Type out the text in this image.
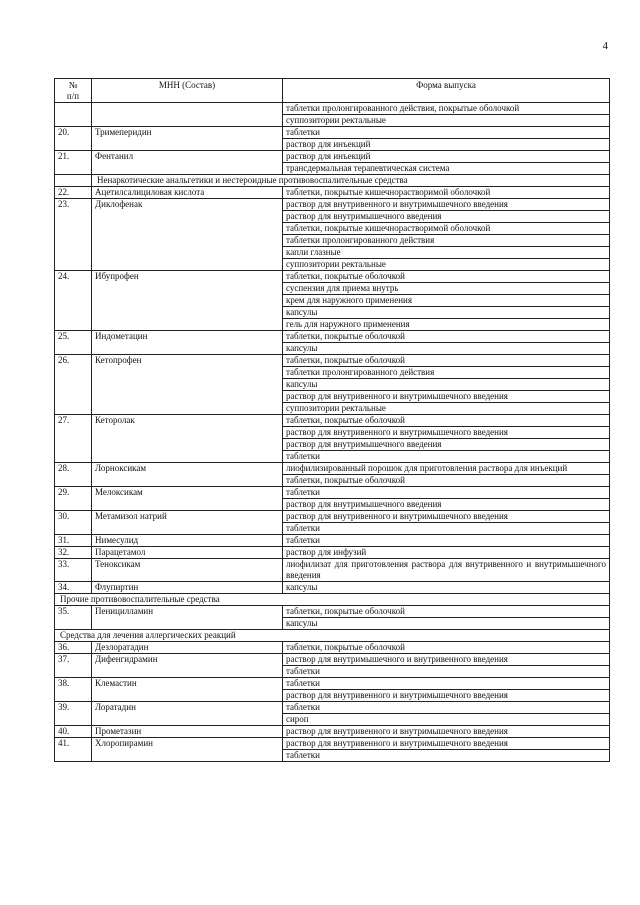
4
№
п/п	МНН (Состав)	Форма выпуска
		таблетки пролонгированного действия, покрытые оболочкой
		суппозитории ректальные
20.	Тримеперидин	таблетки
		раствор для инъекций
21.	Фентанил	раствор для инъекций
		трансдермальная терапевтическая система
	Ненаркотические анальгетики и нестероидные противовоспалительные средства	
22.	Ацетилсалициловая кислота	таблетки, покрытые кишечнорастворимой оболочкой
23.	Диклофенак	раствор для внутривенного и внутримышечного введения
		раствор для внутримышечного введения
		таблетки, покрытые кишечнорастворимой оболочкой
		таблетки пролонгированного действия
		капли глазные
		суппозитории ректальные
24.	Ибупрофен	таблетки, покрытые оболочкой
		суспензия для приема внутрь
		крем для наружного применения
		капсулы
		гель для наружного применения
25.	Индометацин	таблетки, покрытые оболочкой
		капсулы
26.	Кетопрофен	таблетки, покрытые оболочкой
		таблетки пролонгированного действия
		капсулы
		раствор для внутривенного и внутримышечного введения
		суппозитории ректальные
27.	Кеторолак	таблетки, покрытые оболочкой
		раствор для внутривенного и внутримышечного введения
		раствор для внутримышечного введения
		таблетки
28.	Лорноксикам	лиофилизированный порошок для приготовления раствора для инъекций
		таблетки, покрытые оболочкой
29.	Мелоксикам	таблетки
		раствор для внутримышечного введения
30.	Метамизол натрий	раствор для внутривенного и внутримышечного введения
		таблетки
31.	Нимесулид	таблетки
32.	Парацетамол	раствор для инфузий
33.	Теноксикам	лиофилизат для приготовления раствора для внутривенного и внутримышечного введения
34.	Флупиртин	капсулы
Прочие противовоспалительные средства		
35.	Пеницилламин	таблетки, покрытые оболочкой
		капсулы
Средства для лечения аллергических реакций		
36.	Дезлоратадин	таблетки, покрытые оболочкой
37.	Дифенгидрамин	раствор для внутримышечного и внутривенного введения
		таблетки
38.	Клемастин	таблетки
		раствор для внутривенного и внутримышечного введения
39.	Лоратадин	таблетки
		сироп
40.	Прометазин	раствор для внутривенного и внутримышечного введения
41.	Хлоропирамин	раствор для внутривенного и внутримышечного введения
		таблетки
